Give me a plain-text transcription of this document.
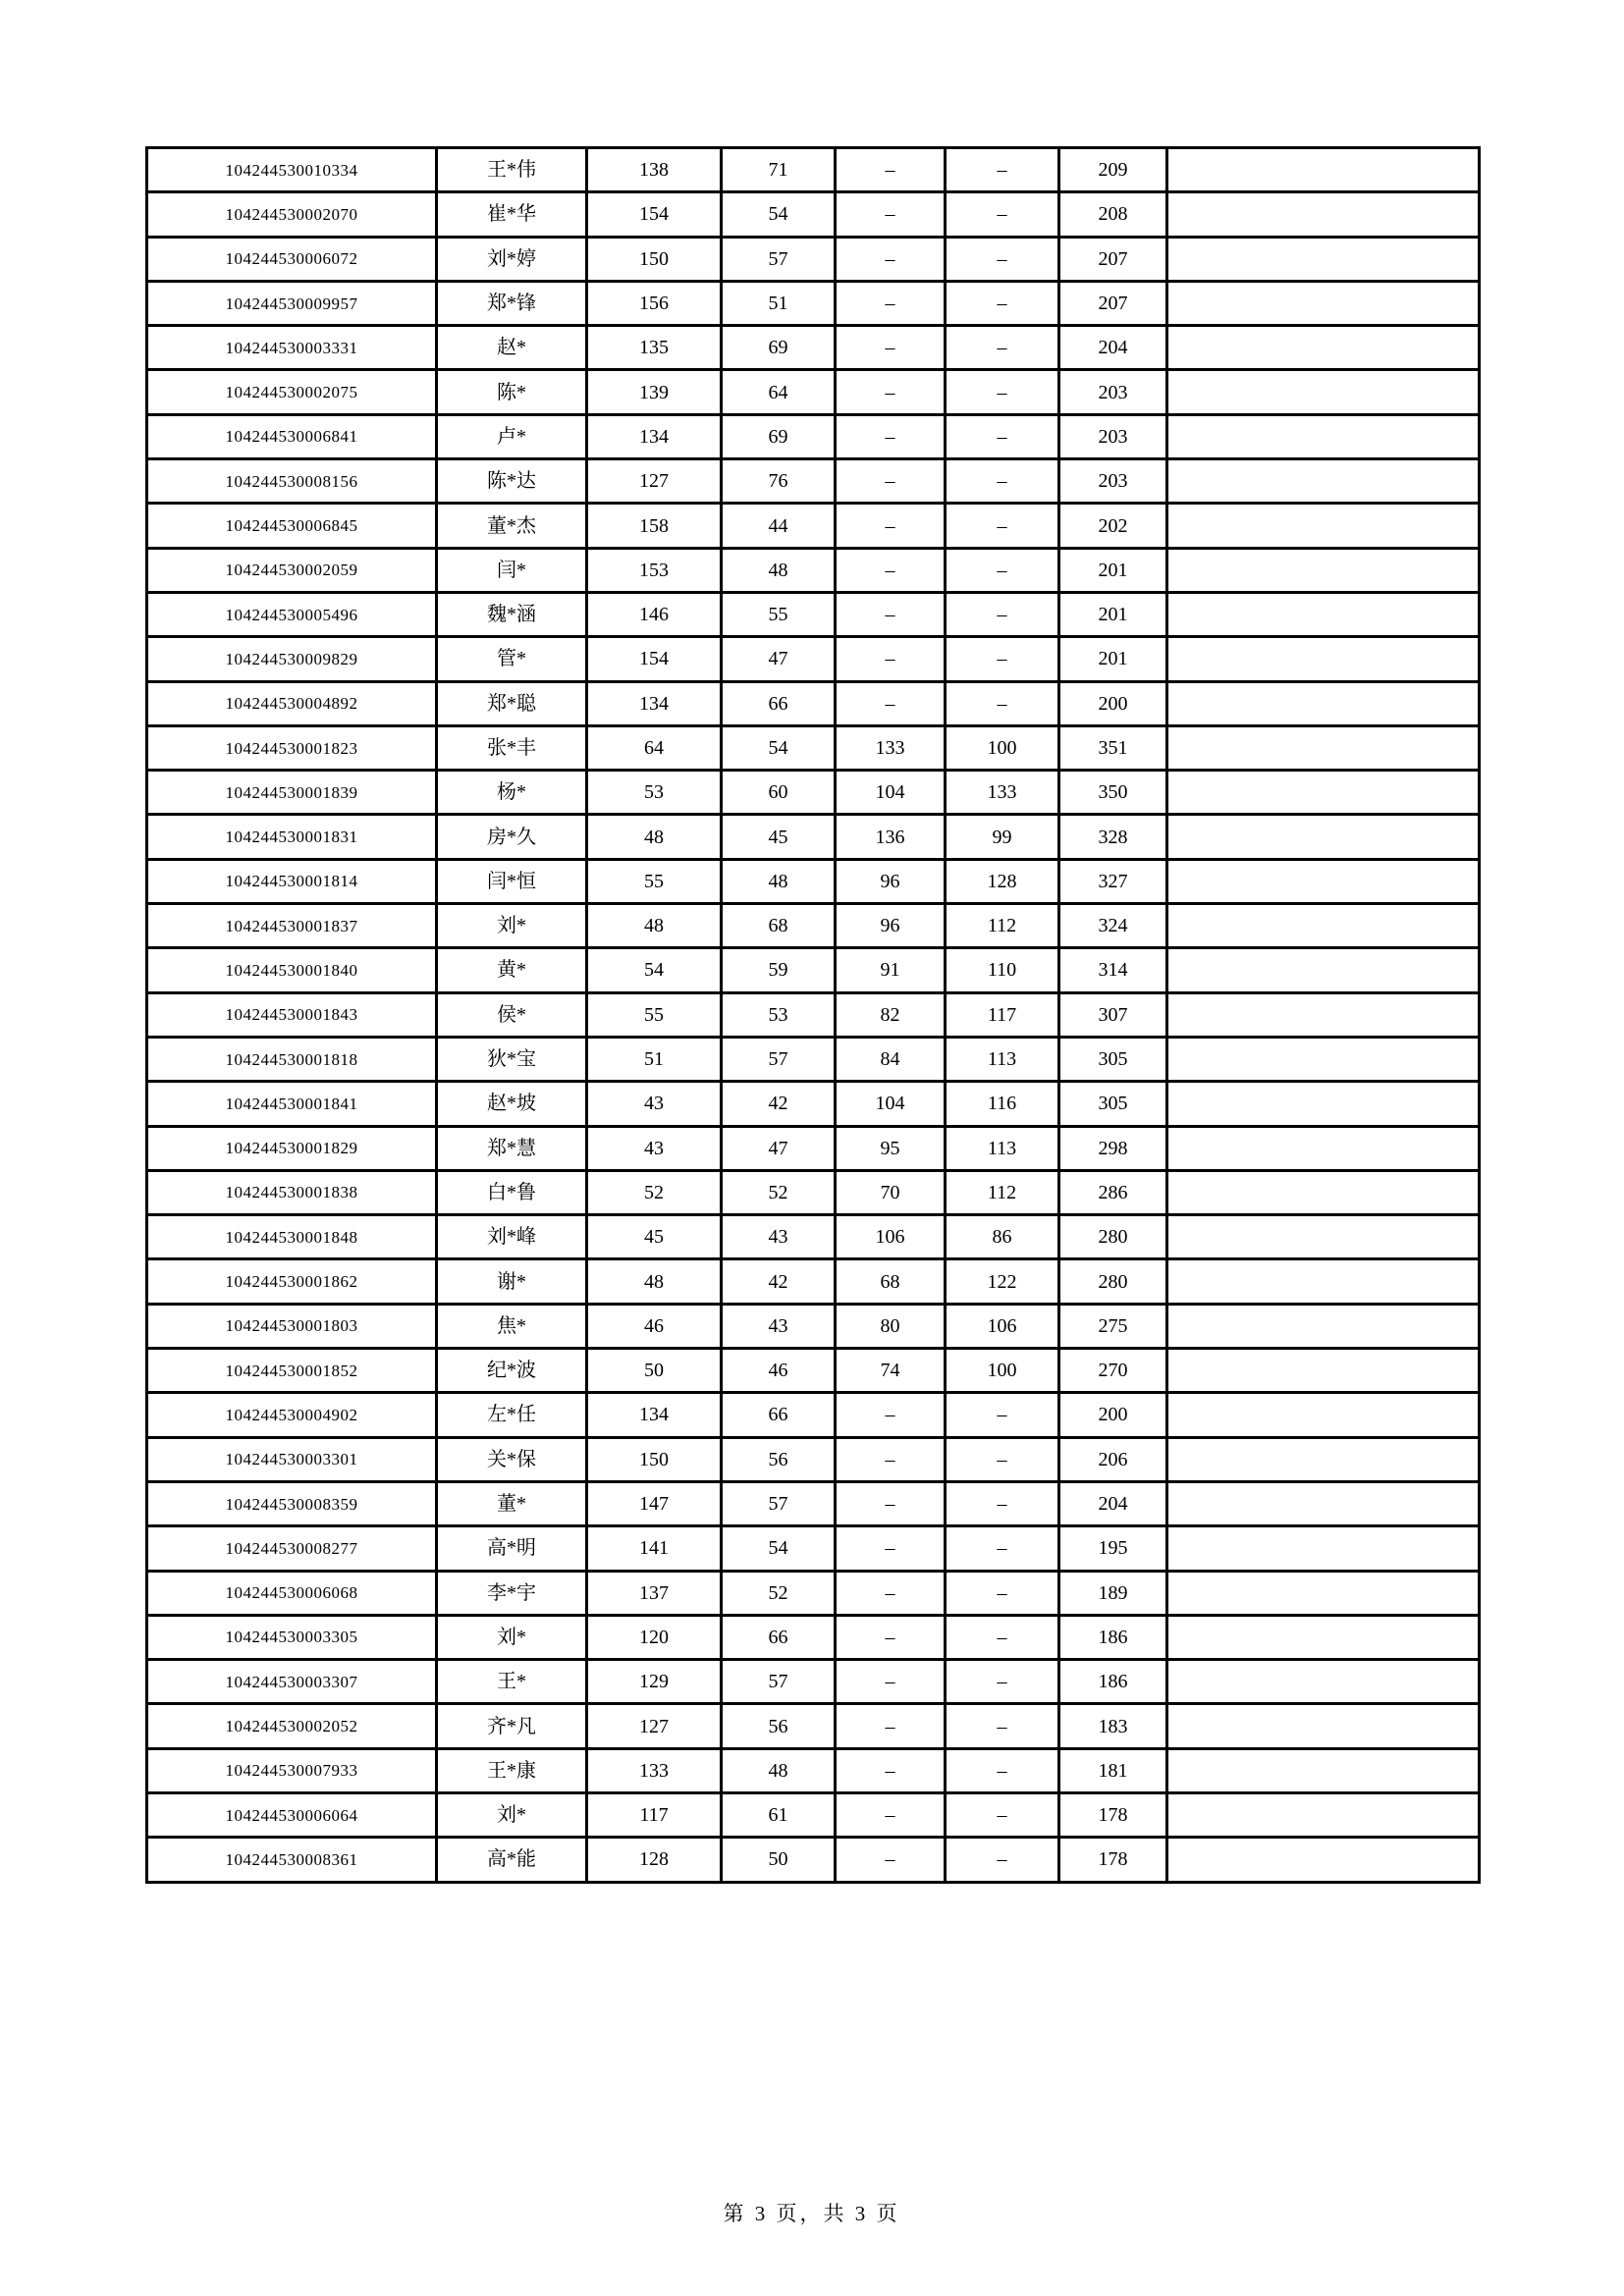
104244530010334	王*伟	138	71	–	–	209	
104244530002070	崔*华	154	54	–	–	208	
104244530006072	刘*婷	150	57	–	–	207	
104244530009957	郑*锋	156	51	–	–	207	
104244530003331	赵*	135	69	–	–	204	
104244530002075	陈*	139	64	–	–	203	
104244530006841	卢*	134	69	–	–	203	
104244530008156	陈*达	127	76	–	–	203	
104244530006845	董*杰	158	44	–	–	202	
104244530002059	闫*	153	48	–	–	201	
104244530005496	魏*涵	146	55	–	–	201	
104244530009829	管*	154	47	–	–	201	
104244530004892	郑*聪	134	66	–	–	200	
104244530001823	张*丰	64	54	133	100	351	
104244530001839	杨*	53	60	104	133	350	
104244530001831	房*久	48	45	136	99	328	
104244530001814	闫*恒	55	48	96	128	327	
104244530001837	刘*	48	68	96	112	324	
104244530001840	黄*	54	59	91	110	314	
104244530001843	侯*	55	53	82	117	307	
104244530001818	狄*宝	51	57	84	113	305	
104244530001841	赵*坡	43	42	104	116	305	
104244530001829	郑*慧	43	47	95	113	298	
104244530001838	白*鲁	52	52	70	112	286	
104244530001848	刘*峰	45	43	106	86	280	
104244530001862	谢*	48	42	68	122	280	
104244530001803	焦*	46	43	80	106	275	
104244530001852	纪*波	50	46	74	100	270	
104244530004902	左*任	134	66	–	–	200	
104244530003301	关*保	150	56	–	–	206	
104244530008359	董*	147	57	–	–	204	
104244530008277	高*明	141	54	–	–	195	
104244530006068	李*宇	137	52	–	–	189	
104244530003305	刘*	120	66	–	–	186	
104244530003307	王*	129	57	–	–	186	
104244530002052	齐*凡	127	56	–	–	183	
104244530007933	王*康	133	48	–	–	181	
104244530006064	刘*	117	61	–	–	178	
104244530008361	高*能	128	50	–	–	178	
第 3 页，共 3 页
